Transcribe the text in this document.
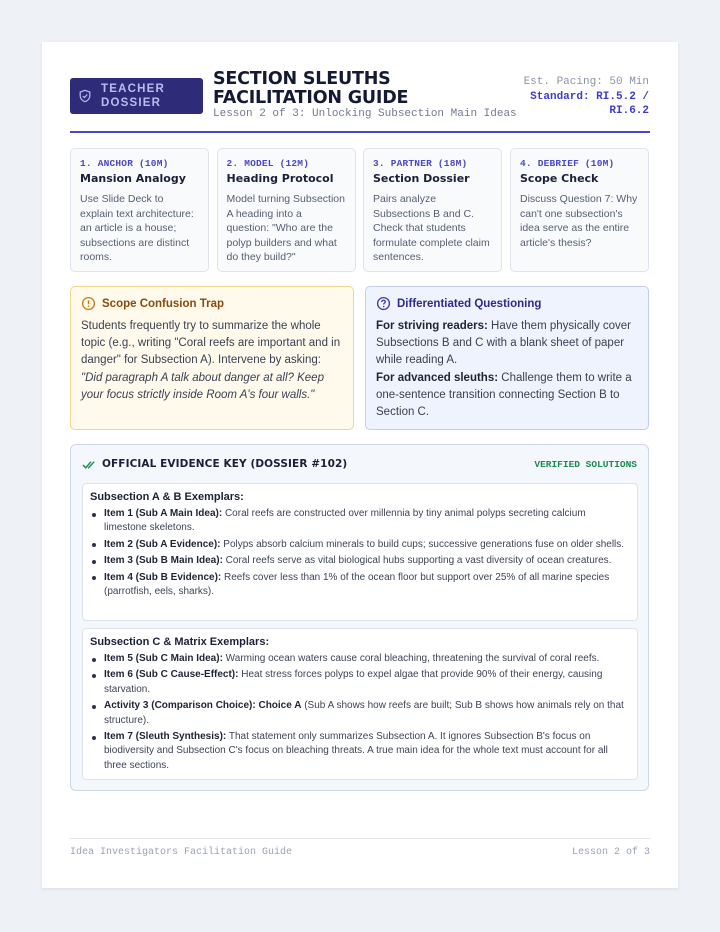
TEACHER
DOSSIER
SECTION SLEUTHS
FACILITATION GUIDE
Lesson 2 of 3: Unlocking Subsection Main Ideas
Est. Pacing: 50 Min
Standard: RI.5.2 /
RI.6.2
1. ANCHOR (10M)
Mansion Analogy
Use Slide Deck to explain text architecture: an article is a house; subsections are distinct rooms.
2. MODEL (12M)
Heading Protocol
Model turning Subsection A heading into a question: "Who are the polyp builders and what do they build?"
3. PARTNER (18M)
Section Dossier
Pairs analyze Subsections B and C. Check that students formulate complete claim sentences.
4. DEBRIEF (10M)
Scope Check
Discuss Question 7: Why can't one subsection's idea serve as the entire article's thesis?
Scope Confusion Trap
Students frequently try to summarize the whole topic (e.g., writing "Coral reefs are important and in danger" for Subsection A). Intervene by asking: "Did paragraph A talk about danger at all? Keep your focus strictly inside Room A's four walls."
Differentiated Questioning
For striving readers: Have them physically cover Subsections B and C with a blank sheet of paper while reading A.
For advanced sleuths: Challenge them to write a one-sentence transition connecting Section B to Section C.
OFFICIAL EVIDENCE KEY (DOSSIER #102)	VERIFIED SOLUTIONS
Subsection A & B Exemplars:
Item 1 (Sub A Main Idea): Coral reefs are constructed over millennia by tiny animal polyps secreting calcium limestone skeletons.
Item 2 (Sub A Evidence): Polyps absorb calcium minerals to build cups; successive generations fuse on older shells.
Item 3 (Sub B Main Idea): Coral reefs serve as vital biological hubs supporting a vast diversity of ocean creatures.
Item 4 (Sub B Evidence): Reefs cover less than 1% of the ocean floor but support over 25% of all marine species (parrotfish, eels, sharks).
Subsection C & Matrix Exemplars:
Item 5 (Sub C Main Idea): Warming ocean waters cause coral bleaching, threatening the survival of coral reefs.
Item 6 (Sub C Cause-Effect): Heat stress forces polyps to expel algae that provide 90% of their energy, causing starvation.
Activity 3 (Comparison Choice): Choice A (Sub A shows how reefs are built; Sub B shows how animals rely on that structure).
Item 7 (Sleuth Synthesis): That statement only summarizes Subsection A. It ignores Subsection B's focus on biodiversity and Subsection C's focus on bleaching threats. A true main idea for the whole text must account for all three sections.
Idea Investigators Facilitation Guide	Lesson 2 of 3
